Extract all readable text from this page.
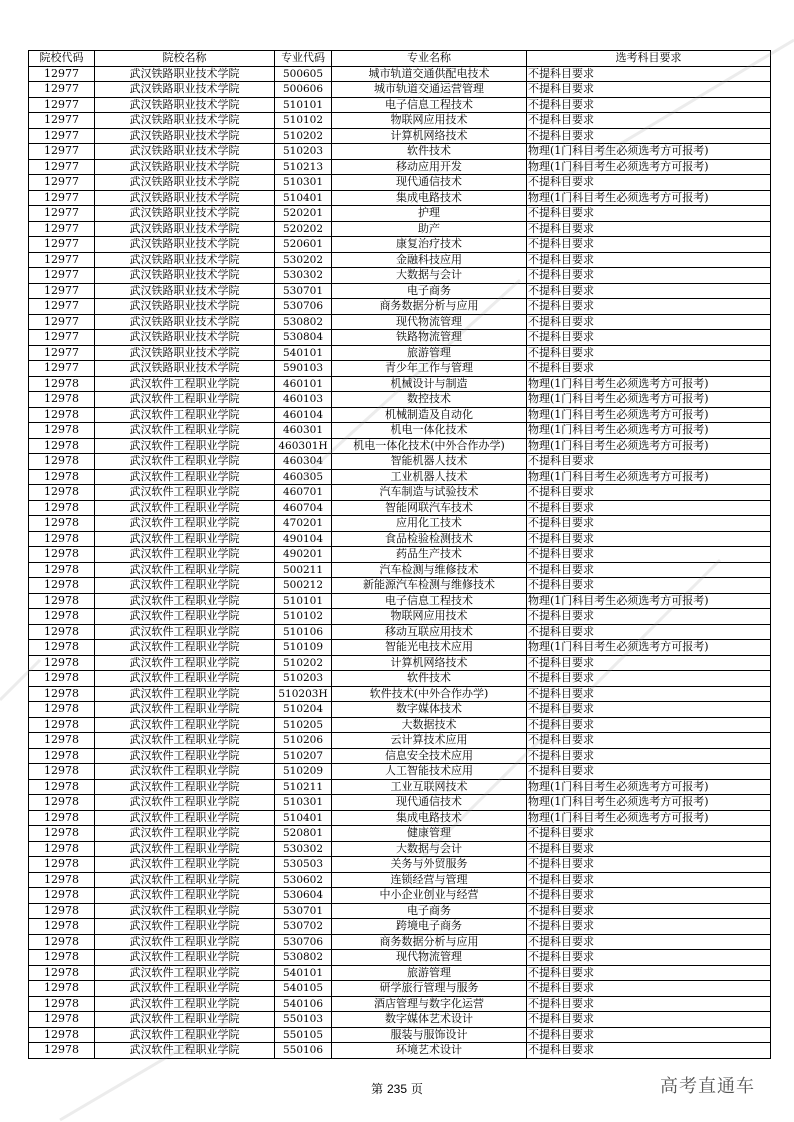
院校代码	院校名称	专业代码	专业名称	选考科目要求
12977	武汉铁路职业技术学院	500605	城市轨道交通供配电技术	不提科目要求
12977	武汉铁路职业技术学院	500606	城市轨道交通运营管理	不提科目要求
12977	武汉铁路职业技术学院	510101	电子信息工程技术	不提科目要求
12977	武汉铁路职业技术学院	510102	物联网应用技术	不提科目要求
12977	武汉铁路职业技术学院	510202	计算机网络技术	不提科目要求
12977	武汉铁路职业技术学院	510203	软件技术	物理(1门科目考生必须选考方可报考)
12977	武汉铁路职业技术学院	510213	移动应用开发	物理(1门科目考生必须选考方可报考)
12977	武汉铁路职业技术学院	510301	现代通信技术	不提科目要求
12977	武汉铁路职业技术学院	510401	集成电路技术	物理(1门科目考生必须选考方可报考)
12977	武汉铁路职业技术学院	520201	护理	不提科目要求
12977	武汉铁路职业技术学院	520202	助产	不提科目要求
12977	武汉铁路职业技术学院	520601	康复治疗技术	不提科目要求
12977	武汉铁路职业技术学院	530202	金融科技应用	不提科目要求
12977	武汉铁路职业技术学院	530302	大数据与会计	不提科目要求
12977	武汉铁路职业技术学院	530701	电子商务	不提科目要求
12977	武汉铁路职业技术学院	530706	商务数据分析与应用	不提科目要求
12977	武汉铁路职业技术学院	530802	现代物流管理	不提科目要求
12977	武汉铁路职业技术学院	530804	铁路物流管理	不提科目要求
12977	武汉铁路职业技术学院	540101	旅游管理	不提科目要求
12977	武汉铁路职业技术学院	590103	青少年工作与管理	不提科目要求
12978	武汉软件工程职业学院	460101	机械设计与制造	物理(1门科目考生必须选考方可报考)
12978	武汉软件工程职业学院	460103	数控技术	物理(1门科目考生必须选考方可报考)
12978	武汉软件工程职业学院	460104	机械制造及自动化	物理(1门科目考生必须选考方可报考)
12978	武汉软件工程职业学院	460301	机电一体化技术	物理(1门科目考生必须选考方可报考)
12978	武汉软件工程职业学院	460301H	机电一体化技术(中外合作办学)	物理(1门科目考生必须选考方可报考)
12978	武汉软件工程职业学院	460304	智能机器人技术	不提科目要求
12978	武汉软件工程职业学院	460305	工业机器人技术	物理(1门科目考生必须选考方可报考)
12978	武汉软件工程职业学院	460701	汽车制造与试验技术	不提科目要求
12978	武汉软件工程职业学院	460704	智能网联汽车技术	不提科目要求
12978	武汉软件工程职业学院	470201	应用化工技术	不提科目要求
12978	武汉软件工程职业学院	490104	食品检验检测技术	不提科目要求
12978	武汉软件工程职业学院	490201	药品生产技术	不提科目要求
12978	武汉软件工程职业学院	500211	汽车检测与维修技术	不提科目要求
12978	武汉软件工程职业学院	500212	新能源汽车检测与维修技术	不提科目要求
12978	武汉软件工程职业学院	510101	电子信息工程技术	物理(1门科目考生必须选考方可报考)
12978	武汉软件工程职业学院	510102	物联网应用技术	不提科目要求
12978	武汉软件工程职业学院	510106	移动互联应用技术	不提科目要求
12978	武汉软件工程职业学院	510109	智能光电技术应用	物理(1门科目考生必须选考方可报考)
12978	武汉软件工程职业学院	510202	计算机网络技术	不提科目要求
12978	武汉软件工程职业学院	510203	软件技术	不提科目要求
12978	武汉软件工程职业学院	510203H	软件技术(中外合作办学)	不提科目要求
12978	武汉软件工程职业学院	510204	数字媒体技术	不提科目要求
12978	武汉软件工程职业学院	510205	大数据技术	不提科目要求
12978	武汉软件工程职业学院	510206	云计算技术应用	不提科目要求
12978	武汉软件工程职业学院	510207	信息安全技术应用	不提科目要求
12978	武汉软件工程职业学院	510209	人工智能技术应用	不提科目要求
12978	武汉软件工程职业学院	510211	工业互联网技术	物理(1门科目考生必须选考方可报考)
12978	武汉软件工程职业学院	510301	现代通信技术	物理(1门科目考生必须选考方可报考)
12978	武汉软件工程职业学院	510401	集成电路技术	物理(1门科目考生必须选考方可报考)
12978	武汉软件工程职业学院	520801	健康管理	不提科目要求
12978	武汉软件工程职业学院	530302	大数据与会计	不提科目要求
12978	武汉软件工程职业学院	530503	关务与外贸服务	不提科目要求
12978	武汉软件工程职业学院	530602	连锁经营与管理	不提科目要求
12978	武汉软件工程职业学院	530604	中小企业创业与经营	不提科目要求
12978	武汉软件工程职业学院	530701	电子商务	不提科目要求
12978	武汉软件工程职业学院	530702	跨境电子商务	不提科目要求
12978	武汉软件工程职业学院	530706	商务数据分析与应用	不提科目要求
12978	武汉软件工程职业学院	530802	现代物流管理	不提科目要求
12978	武汉软件工程职业学院	540101	旅游管理	不提科目要求
12978	武汉软件工程职业学院	540105	研学旅行管理与服务	不提科目要求
12978	武汉软件工程职业学院	540106	酒店管理与数字化运营	不提科目要求
12978	武汉软件工程职业学院	550103	数字媒体艺术设计	不提科目要求
12978	武汉软件工程职业学院	550105	服装与服饰设计	不提科目要求
12978	武汉软件工程职业学院	550106	环境艺术设计	不提科目要求
第 235 页	高考直通车
